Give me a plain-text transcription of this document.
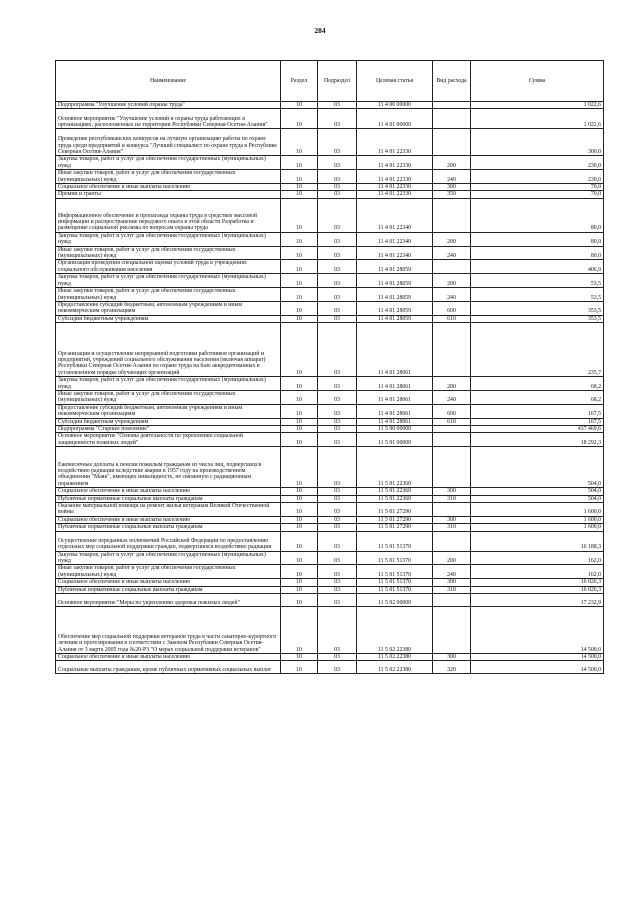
284
Наименование	Раздел	Подраздел	Целевая статья	Вид расхода	Сумма
Подпрограмма "Улучшение условий охраны труда"	10	03	11 4 00 00000		1 022,6
Основное мероприятие "Улучшение условий и охраны труда работающих в организациях, расположенных на территории Республики Северная Осетия-Алания"	10	03	11 4 01 00000		1 022,6
Проведение республиканских конкурсов на лучшую организацию работы по охране труда среди предприятий и конкурса "Лучший специалист по охране труда в Республике Северная Осетия-Алания"	10	03	11 4 01 22330		300,0
Закупка товаров, работ и услуг для обеспечения государственных (муниципальных) нужд	10	03	11 4 01 22330	200	230,0
Иные закупки товаров, работ и услуг для обеспечения государственных (муниципальных) нужд	10	03	11 4 01 22330	240	230,0
Социальное обеспечение и иные выплаты населению	10	03	11 4 01 22330	300	70,0
Премии и гранты	10	03	11 4 01 22330	350	70,0
Информационное обеспечение и пропаганда охраны труда в средствах массовой информации и распространение передового опыта в этой области Разработка и размещение социальной рекламы по вопросам охраны труда	10	03	11 4 01 22340		80,0
Закупка товаров, работ и услуг для обеспечения государственных (муниципальных) нужд	10	03	11 4 01 22340	200	80,0
Иные закупки товаров, работ и услуг для обеспечения государственных (муниципальных) нужд	10	03	11 4 01 22340	240	80,0
Организация проведения специальной оценки условий труда в учреждениях социального обслуживания населения	10	03	11 4 01 28059		406,9
Закупка товаров, работ и услуг для обеспечения государственных (муниципальных) нужд	10	03	11 4 01 28059	200	53,5
Иные закупки товаров, работ и услуг для обеспечения государственных (муниципальных) нужд	10	03	11 4 01 28059	240	53,5
Предоставление субсидий бюджетным, автономным учреждениям и иным некоммерческим организациям	10	03	11 4 01 28059	600	353,5
Субсидии бюджетным учреждениям	10	03	11 4 01 28059	610	353,5
Организация и осуществление непрерывной подготовки работников организаций и предприятий, учреждений социального обслуживания населения (включая аппарат) Республики Северная Осетия-Алания по охране труда на базе аккредитованных в установленном порядке обучающих организаций	10	03	11 4 01 28061		235,7
Закупка товаров, работ и услуг для обеспечения государственных (муниципальных) нужд	10	03	11 4 01 28061	200	68,2
Иные закупки товаров, работ и услуг для обеспечения государственных (муниципальных) нужд	10	03	11 4 01 28061	240	68,2
Предоставление субсидий бюджетным, автономным учреждениям и иным некоммерческим организациям	10	03	11 4 01 28061	600	167,5
Субсидии бюджетным учреждениям	10	03	11 4 01 28061	610	167,5
Подпрограмма "Старшее поколение"	10	03	11 5 00 00000		437 469,6
Основное мероприятие "Основы деятельности по укреплению социальной защищенности пожилых людей"	10	03	11 5 01 00000		18 292,3
Ежемесячные доплаты к пенсии пожилым гражданам из числа лиц, подвергшихся воздействию радиации вследствие аварии в 1957 году на производственном объединении "Маяк", имеющих инвалидность, не связанную с радиационным поражением	10	03	11 5 01 22360		504,0
Социальное обеспечение и иные выплаты населению	10	03	11 5 01 22360	300	504,0
Публичные нормативные социальные выплаты гражданам	10	03	11 5 01 22360	310	504,0
Оказание материальной помощи на ремонт жилья ветеранам Великой Отечественной войны	10	03	11 5 01 27290		1 600,0
Социальное обеспечение и иные выплаты населению	10	03	11 5 01 27290	300	1 600,0
Публичные нормативные социальные выплаты гражданам	10	03	11 5 01 27290	310	1 600,0
Осуществление переданных полномочий Российской Федерации по предоставлению отдельных мер социальной поддержки граждан, подвергшихся воздействию радиации	10	03	11 5 01 51370		16 188,3
Закупка товаров, работ и услуг для обеспечения государственных (муниципальных) нужд	10	03	11 5 01 51370	200	162,0
Иные закупки товаров, работ и услуг для обеспечения государственных (муниципальных) нужд	10	03	11 5 01 51370	240	162,0
Социальное обеспечение и иные выплаты населению	10	03	11 5 01 51370	300	16 026,3
Публичные нормативные социальные выплаты гражданам	10	03	11 5 01 51370	310	16 026,3
Основное мероприятие "Меры по укреплению здоровья пожилых людей"	10	03	11 5 02 00000		17 232,9
Обеспечение мер социальной поддержки ветеранов труда в части санаторно-курортного лечения и протезирования в соответствии с Законом Республики Северная Осетия-Алания от 3 марта 2005 года №20-РЗ "О мерах социальной поддержки ветеранов"	10	03	11 5 02 22380		14 500,0
Социальное обеспечение и иные выплаты населению	10	03	11 5 02 22380	300	14 500,0
Социальные выплаты гражданам, кроме публичных нормативных социальных выплат	10	03	11 5 02 22380	320	14 500,0
